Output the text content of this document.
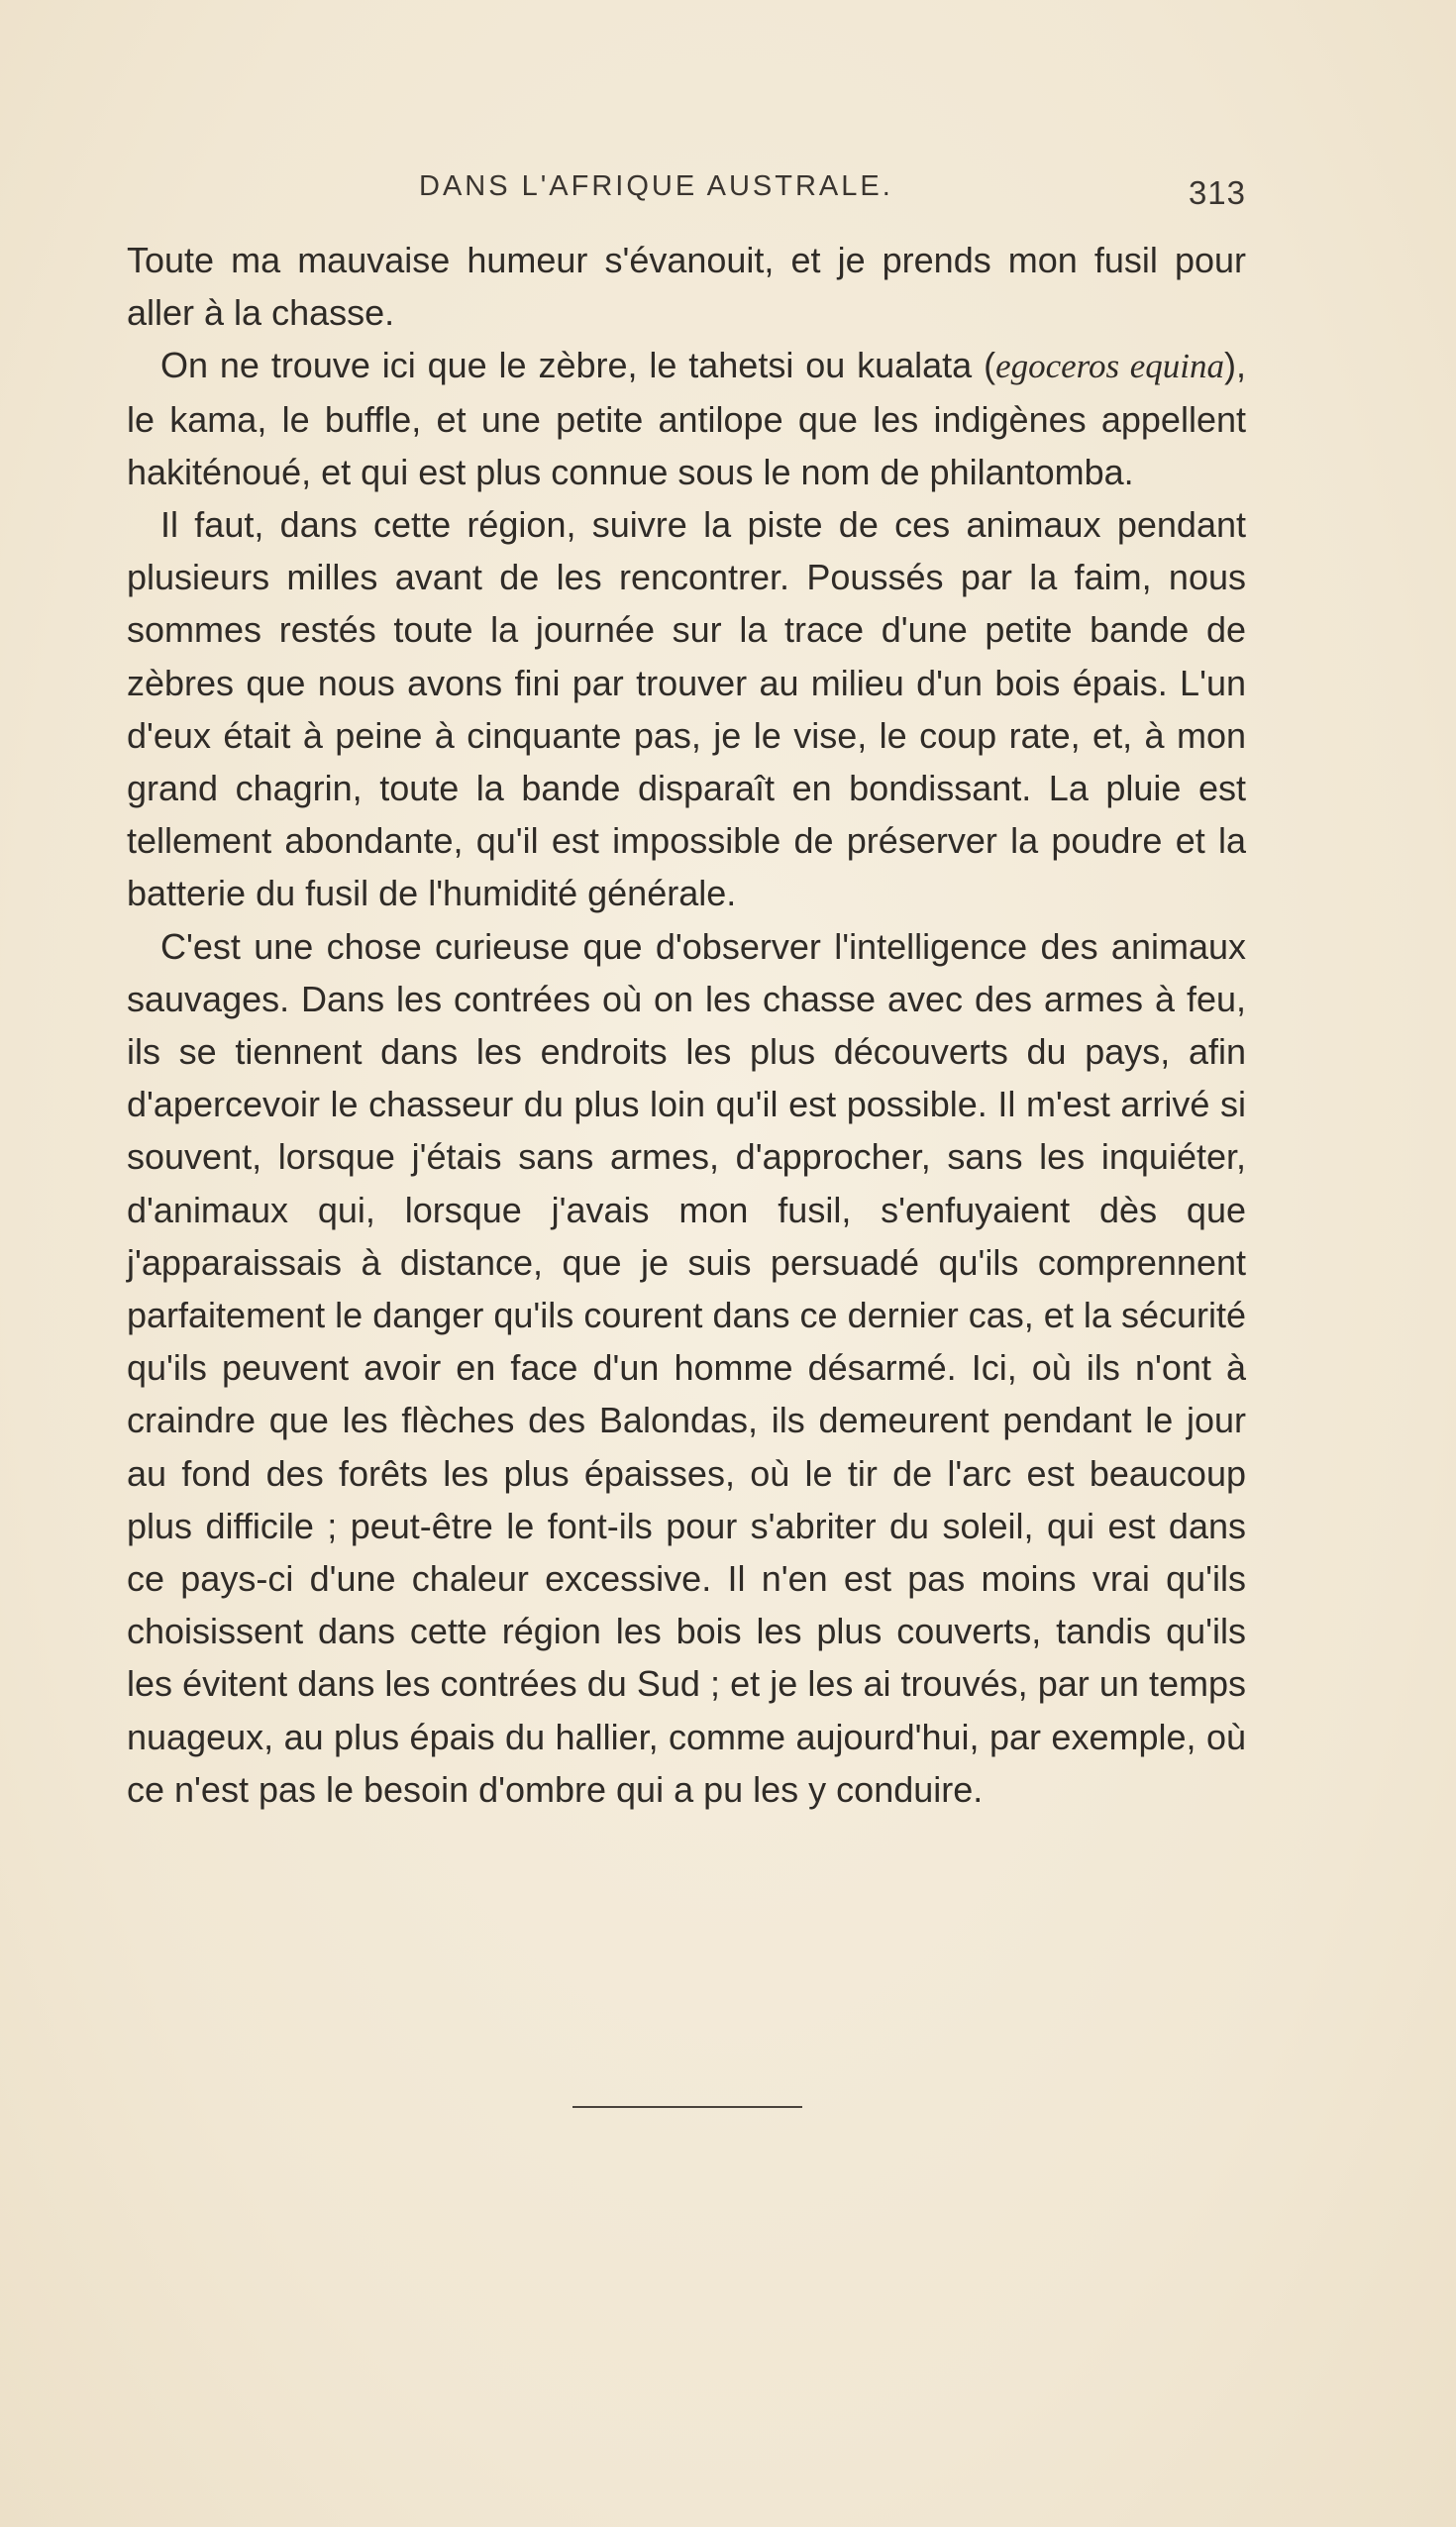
DANS L'AFRIQUE AUSTRALE.	313

Toute ma mauvaise humeur s'évanouit, et je prends mon fusil pour aller à la chasse.

On ne trouve ici que le zèbre, le tahetsi ou kualata (egoceros equina), le kama, le buffle, et une petite antilope que les indigènes appellent hakiténoué, et qui est plus connue sous le nom de philantomba.

Il faut, dans cette région, suivre la piste de ces animaux pendant plusieurs milles avant de les rencontrer. Poussés par la faim, nous sommes restés toute la journée sur la trace d'une petite bande de zèbres que nous avons fini par trouver au milieu d'un bois épais. L'un d'eux était à peine à cinquante pas, je le vise, le coup rate, et, à mon grand chagrin, toute la bande disparaît en bondissant. La pluie est tellement abondante, qu'il est impossible de préserver la poudre et la batterie du fusil de l'humidité générale.

C'est une chose curieuse que d'observer l'intelligence des animaux sauvages. Dans les contrées où on les chasse avec des armes à feu, ils se tiennent dans les endroits les plus découverts du pays, afin d'apercevoir le chasseur du plus loin qu'il est possible. Il m'est arrivé si souvent, lorsque j'étais sans armes, d'approcher, sans les inquiéter, d'animaux qui, lorsque j'avais mon fusil, s'enfuyaient dès que j'apparaissais à distance, que je suis persuadé qu'ils comprennent parfaitement le danger qu'ils courent dans ce dernier cas, et la sécurité qu'ils peuvent avoir en face d'un homme désarmé. Ici, où ils n'ont à craindre que les flèches des Balondas, ils demeurent pendant le jour au fond des forêts les plus épaisses, où le tir de l'arc est beaucoup plus difficile ; peut-être le font-ils pour s'abriter du soleil, qui est dans ce pays-ci d'une chaleur excessive. Il n'en est pas moins vrai qu'ils choisissent dans cette région les bois les plus couverts, tandis qu'ils les évitent dans les contrées du Sud ; et je les ai trouvés, par un temps nuageux, au plus épais du hallier, comme aujourd'hui, par exemple, où ce n'est pas le besoin d'ombre qui a pu les y conduire.
